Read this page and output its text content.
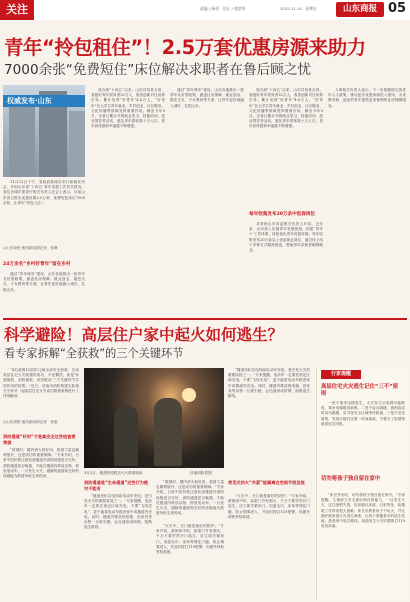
关注	责编 / 杨勇　设计 / 唐滨华	2025.11.14　星期五	山东商报 05
青年“拎包租住”！2.5万套优惠房源来助力
7000余张“免费短住”床位解决求职者在鲁后顾之忧
权威发布·山东

11月13日下午，省政府新闻办举行新闻发布会，介绍山东省“十四五”青年发展工作有关情况。省住房城乡建设厅相关负责人在会上表示，目前山东省已推出优惠房源2.5万套，免费短住床位7000余张，让青年“拎包入住”。

◎山东商报·速豹新闻网记者　张琳
24万余名“乡村好青年”留在乡村

通过“青年城市”建设，山东各地推出一批青年友好型政策，涵盖住房保障、就业创业、婚恋交友、子女教育等方面，让青年更好地融入城市、扎根山东。

逸办到“十四五”以来，山东共培育全省、省级好青年领导者32万人，改善创新对比培养引导。累计培养“好青年”4.6万人，“好青年”在大学生青年就业、乡村创业、社区服务、文化传播等领域发挥重要作用。截至今年9月，全省已累计开展就业见习、技能培训、创业帮扶等活动，惠及青年群体数十万人次，青年获得感和幸福感不断增强。

通过“青年城市”建设，山东各地推出一批青年友好型政策，涵盖住房保障、就业创业、婚恋交友、子女教育等方面，让青年更好地融入城市、扎根山东。

逸办到“十四五”以来，山东共培育全省、省级好青年领导者32万人，改善创新对比培养引导。累计培养“好青年”4.6万人，“好青年”在大学生青年就业、乡村创业、社区服务、文化传播等领域发挥重要作用。截至今年9月，全省已累计开展就业见习、技能培训、创业帮扶等活动，惠及青年群体数十万人次，青年获得感和幸福感不断增强。

每年收集发布20万条中低保岗位

共青团山东省委相关负责人介绍，近年来，山东深入实施青年发展规划，构建“青年+”工作体系，持续优化青年发展环境。每年收集发布20万条以上优质就业岗位，通过线上线下多种方式精准推送，帮助青年求职者顺利就业。

人事相关负责人表示，下一步将继续完善青年人才政策，推动更多优惠房源投入使用，为来鲁求职、创业的青年提供更加便利的住房保障服务。

科学避险！高层住户家中起火如何逃生？
看专家拆解“全获救”的三个关键环节

“4名被困15层的儿童全部安全获救，这场高层住宅火灾救援的成功，不是偶然，而是‘家庭施救、消防施救、高效联动’三个关键环节共同作用的结果。”近日，济南市消防救援支队相关专家对一起高层住宅火灾成功救援案例进行了详细解读。

◎山东商报·速豹新闻网记者　杨惠
消防通道“好用”才是真安全这些检查要常做

“救援时，楼内消火栓好用，救援力量也顺利展开，这是成功的重要保障。”专家介绍，日常中居民要注意检查楼道内消防设施是否完好，消防通道是否畅通，不能在楼道内堆放杂物、停放电动车。一旦发生火灾，通畅的通道和完好的设施能为救援争取宝贵时间。

3月1日，楼消防栓附近灭火救援现场	济南消防供图
消防通道是“生命通道”这些行为绝对不能有

“楼道里私拉电线给电动车充电，是引发火灾的重要原因之一。”专家提醒，电动车一定要在指定区域充电，不要“飞线充电”，更不能将电动车推进家中或楼道内充电。同时，楼道内堆放的纸箱、旧家具等杂物一旦被引燃，会迅速形成浓烟，阻断逃生路线。

“救援时，楼内消火栓好用，救援力量也顺利展开，这是成功的重要保障。”专家介绍，日常中居民要注意检查楼道内消防设施是否完好，消防通道是否畅通，不能在楼道内堆放杂物、停放电动车。一旦发生火灾，通畅的通道和完好的设施能为救援争取宝贵时间。

常见式的火“关紧”能隔离这些细节别忽视

“火灾中，关门就是最好的防护。”专家介绍，被困家中时，如果门外有烟火，千万不要贸然开门逃生，应立即关紧房门，用湿毛巾、床单等堵住门缝，防止烟雾进入，并及时拨打119报警，向窗外呼救等待救援。

“楼道里私拉电线给电动车充电，是引发火灾的重要原因之一。”专家提醒，电动车一定要在指定区域充电，不要“飞线充电”，更不能将电动车推进家中或楼道内充电。同时，楼道内堆放的纸箱、旧家具等杂物一旦被引燃，会迅速形成浓烟，阻断逃生路线。

“火灾中，关门就是最好的防护。”专家介绍，被困家中时，如果门外有烟火，千万不要贸然开门逃生，应立即关紧房门，用湿毛巾、床单等堵住门缝，防止烟雾进入，并及时拨打119报警，向窗外呼救等待救援。

行家提醒
高层住宅火灾逃生记住“三不”原则

一是不乘坐电梯逃生。火灾发生后电梯可能断电，乘坐电梯极易被困。二是不盲目跳楼，被困高层时切勿跳楼，应寻找安全区域等待救援。三是不贪恋财物，发现火情后应第一时间逃离，不要为了取财物耽误逃生时机。

切勿将孩子独自留在家中

“家长外出时，切勿将孩子独自留在家中。”专家提醒，儿童缺乏安全意识和自救能力，一旦发生火灾，往往惊慌失措，容易躲在床底、衣柜等处，给搜救工作带来很大困难。家长应教育孩子不玩火，并定期开展家庭火灾逃生演练，让孩子掌握基本的逃生技能，熟悉家中逃生路线，知道发生火灾时要拨打119电话求助。
